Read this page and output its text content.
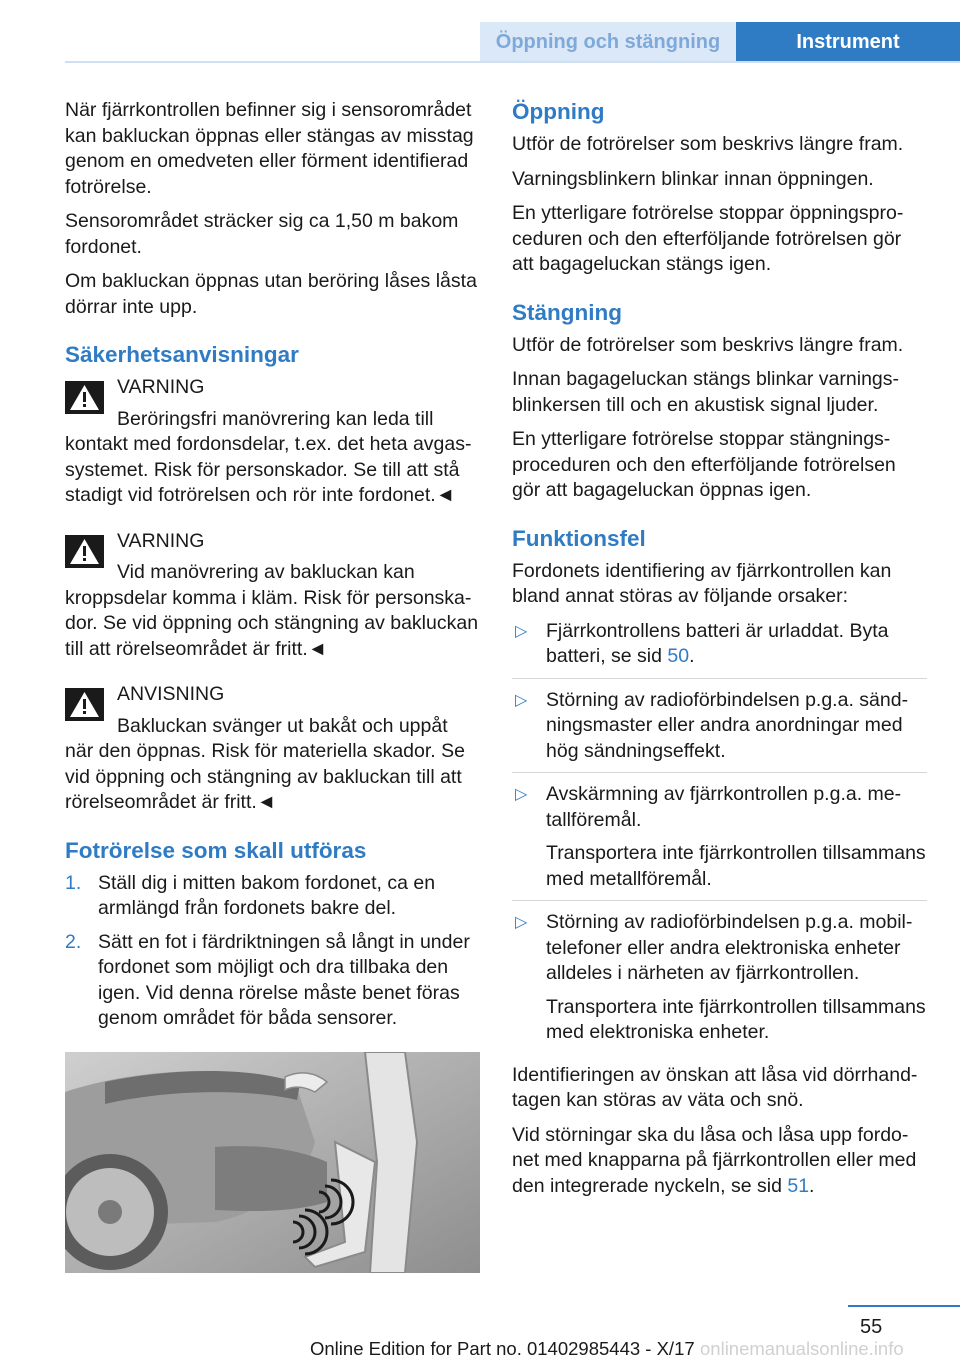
Öppning och stängning	Instrument

När fjärrkontrollen befinner sig i sensorområdet kan bakluckan öppnas eller stängas av misstag genom en omedveten eller förment identifierad fotrörelse.

Sensorområdet sträcker sig ca 1,50 m bakom fordonet.

Om bakluckan öppnas utan beröring låses låsta dörrar inte upp.

Säkerhetsanvisningar
VARNING
Beröringsfri manövrering kan leda till
kontakt med fordonsdelar, t.ex. det heta avgassystemet. Risk för personskador. Se till att stå stadigt vid fotrörelsen och rör inte fordonet.◄
VARNING
Vid manövrering av bakluckan kan
kroppsdelar komma i kläm. Risk för personskador. Se vid öppning och stängning av bakluckan till att rörelseområdet är fritt.◄
ANVISNING
Bakluckan svänger ut bakåt och uppåt
när den öppnas. Risk för materiella skador. Se vid öppning och stängning av bakluckan till att rörelseområdet är fritt.◄
Fotrörelse som skall utföras
1. Ställ dig i mitten bakom fordonet, ca en armlängd från fordonets bakre del.
2. Sätt en fot i färdriktningen så långt in under fordonet som möjligt och dra tillbaka den igen. Vid denna rörelse måste benet föras genom området för båda sensorer.
Öppning

Utför de fotrörelser som beskrivs längre fram.

Varningsblinkern blinkar innan öppningen.

En ytterligare fotrörelse stoppar öppningsproceduren och den efterföljande fotrörelsen gör att bagageluckan stängs igen.

Stängning

Utför de fotrörelser som beskrivs längre fram.

Innan bagageluckan stängs blinkar varningsblinkersen till och en akustisk signal ljuder.

En ytterligare fotrörelse stoppar stängningsproceduren och den efterföljande fotrörelsen gör att bagageluckan öppnas igen.

Funktionsfel

Fordonets identifiering av fjärrkontrollen kan bland annat störas av följande orsaker:

▷ Fjärrkontrollens batteri är urladdat. Byta batteri, se sid 50.
▷ Störning av radioförbindelsen p.g.a. sändningsmaster eller andra anordningar med hög sändningseffekt.
▷ Avskärmning av fjärrkontrollen p.g.a. metallföremål.
Transportera inte fjärrkontrollen tillsammans med metallföremål.
▷ Störning av radioförbindelsen p.g.a. mobiltelefoner eller andra elektroniska enheter alldeles i närheten av fjärrkontrollen.
Transportera inte fjärrkontrollen tillsammans med elektroniska enheter.

Identifieringen av önskan att låsa vid dörrhandtagen kan störas av väta och snö.

Vid störningar ska du låsa och låsa upp fordonet med knapparna på fjärrkontrollen eller med den integrerade nyckeln, se sid 51.

55
Online Edition for Part no. 01402985443 - X/17 onlinemanualsonline.info
